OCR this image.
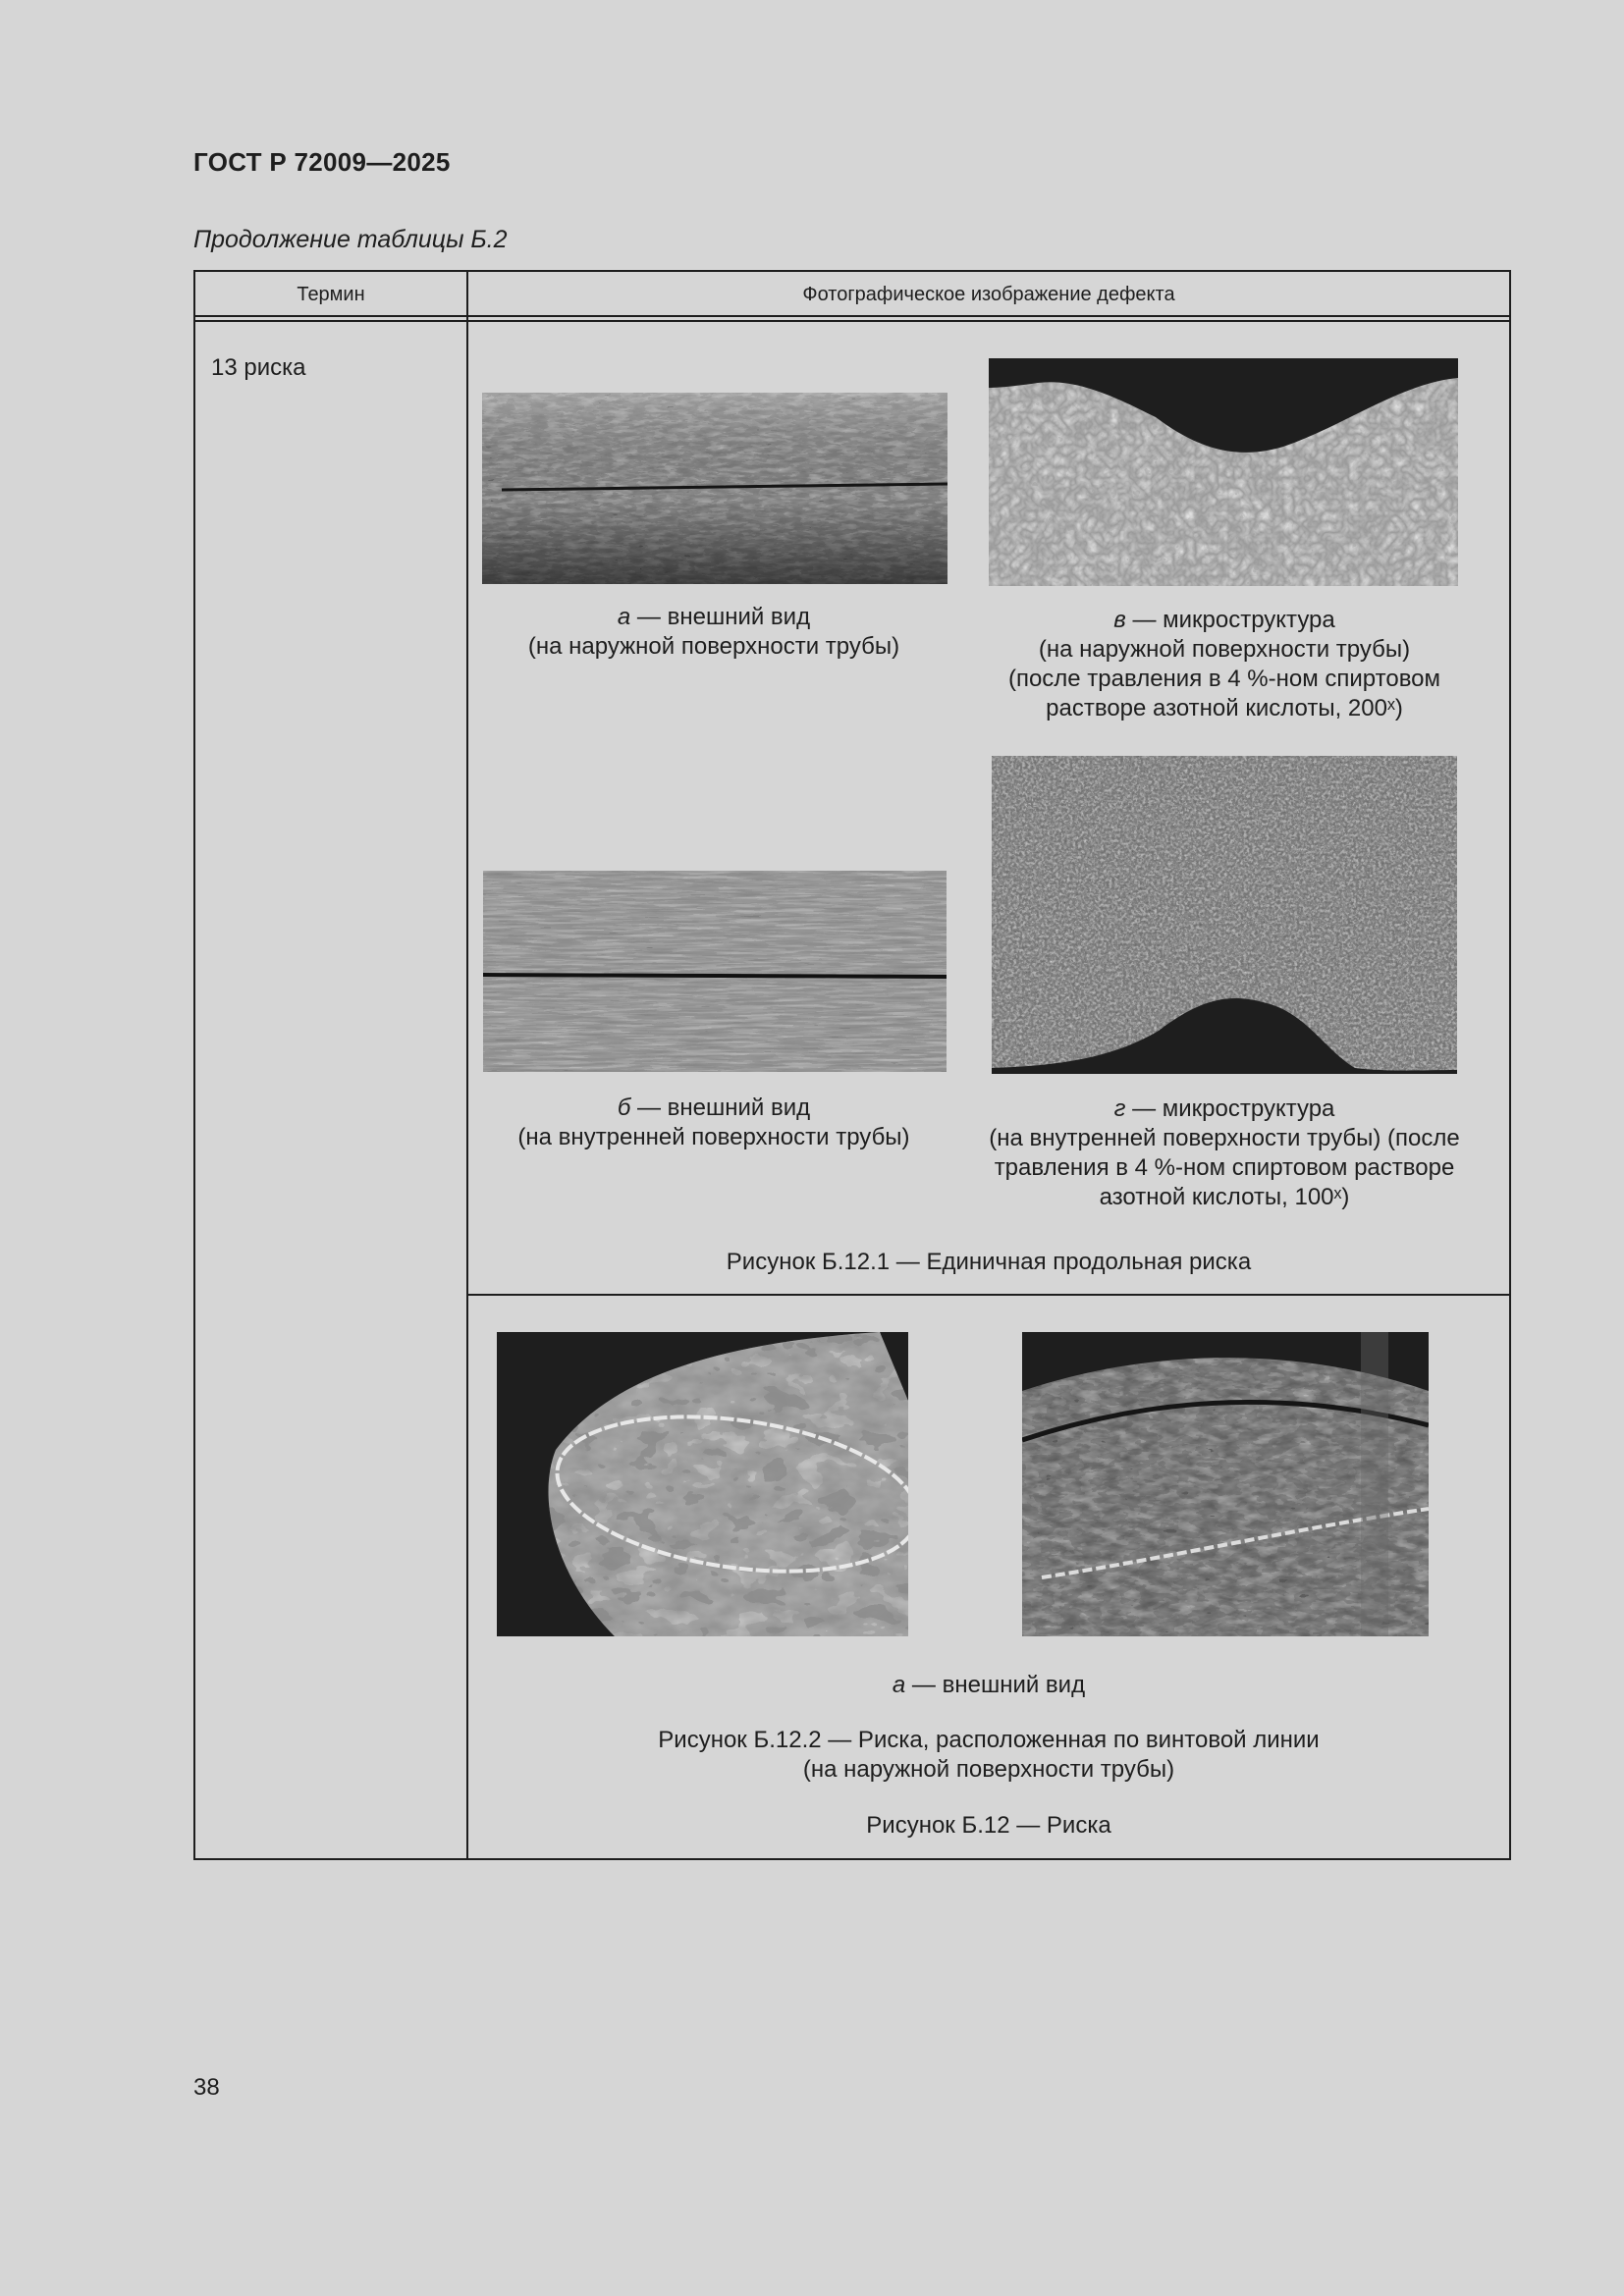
ГОСТ Р 72009—2025
Продолжение таблицы Б.2
Термин	Фотографическое изображение дефекта
13 риска
а — внешний вид
(на наружной поверхности трубы)
в — микроструктура
(на наружной поверхности трубы)
(после травления в 4 %-ном спиртовом
растворе азотной кислоты, 200ˣ)
б — внешний вид
(на внутренней поверхности трубы)
г — микроструктура
(на внутренней поверхности трубы) (после
травления в 4 %-ном спиртовом растворе
азотной кислоты, 100ˣ)
Рисунок Б.12.1 — Единичная продольная риска
а — внешний вид
Рисунок Б.12.2 — Риска, расположенная по винтовой линии
(на наружной поверхности трубы)
Рисунок Б.12 — Риска
38
